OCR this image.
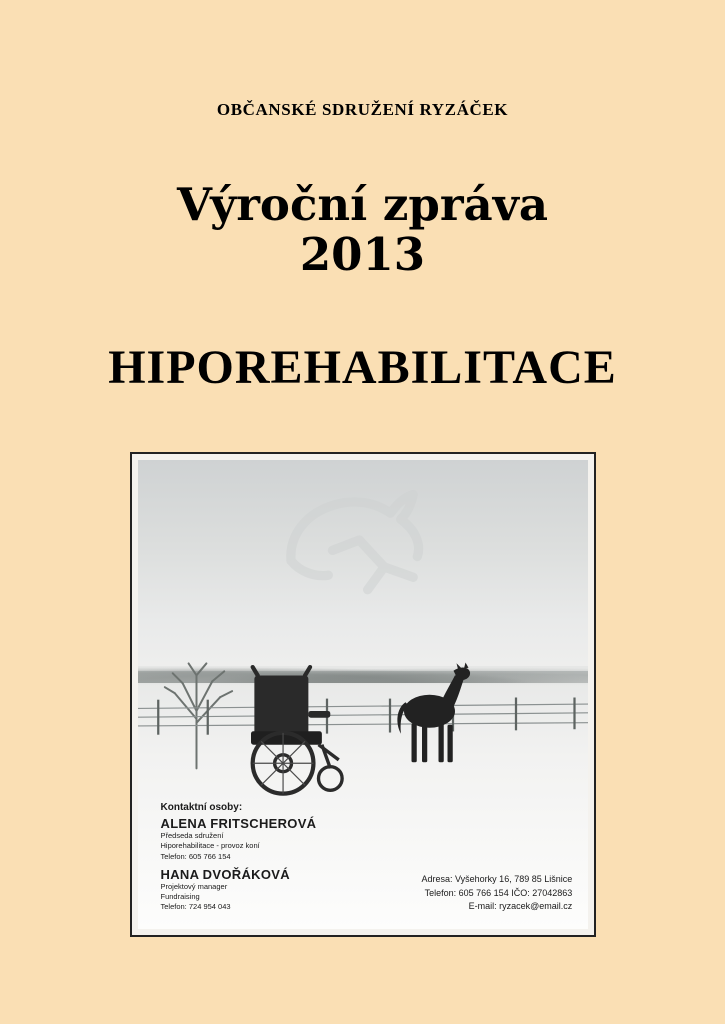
OBČANSKÉ SDRUŽENÍ RYZÁČEK
Výroční zpráva
2013
HIPOREHABILITACE
Kontaktní osoby:
ALENA FRITSCHEROVÁ
Předseda sdružení
Hiporehabilitace - provoz koní
Telefon: 605 766 154
HANA DVOŘÁKOVÁ
Projektový manager
Fundraising
Telefon: 724 954 043
Adresa: Vyšehorky 16, 789 85 Lišnice
Telefon: 605 766 154 IČO: 27042863
E-mail: ryzacek@email.cz
